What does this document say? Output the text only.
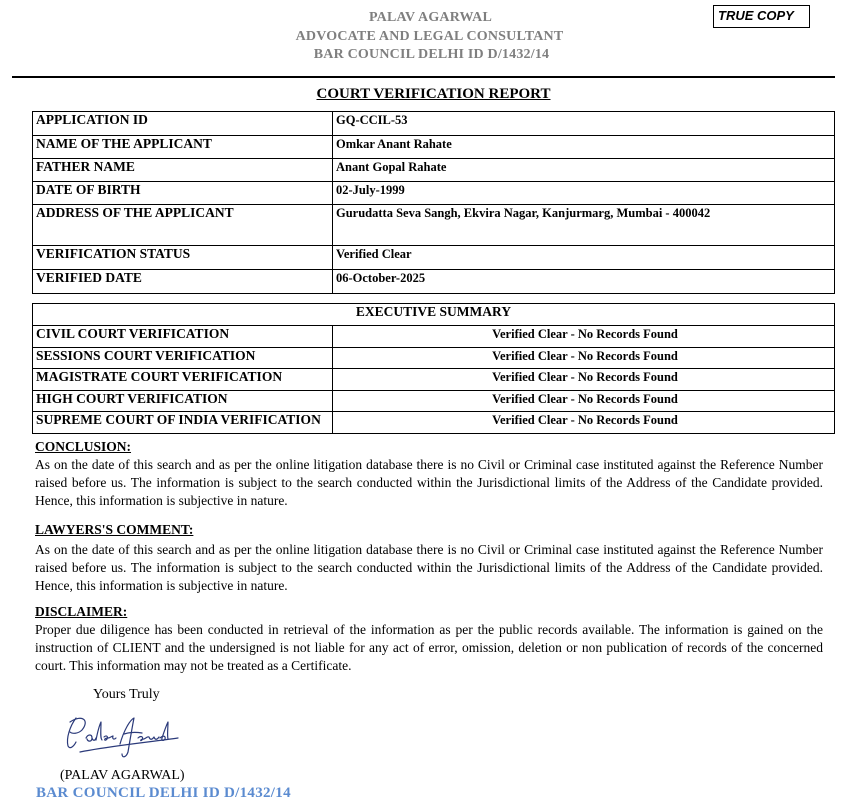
PALAV AGARWAL
ADVOCATE AND LEGAL CONSULTANT
BAR COUNCIL DELHI ID D/1432/14
TRUE COPY
COURT VERIFICATION REPORT
APPLICATION ID	GQ-CCIL-53
NAME OF THE APPLICANT	Omkar Anant Rahate
FATHER NAME	Anant Gopal Rahate
DATE OF BIRTH	02-July-1999
ADDRESS OF THE APPLICANT	Gurudatta Seva Sangh, Ekvira Nagar, Kanjurmarg, Mumbai - 400042
VERIFICATION STATUS	Verified Clear
VERIFIED DATE	06-October-2025
EXECUTIVE SUMMARY	
CIVIL COURT VERIFICATION	Verified Clear - No Records Found
SESSIONS COURT VERIFICATION	Verified Clear - No Records Found
MAGISTRATE COURT VERIFICATION	Verified Clear - No Records Found
HIGH COURT VERIFICATION	Verified Clear - No Records Found
SUPREME COURT OF INDIA VERIFICATION	Verified Clear - No Records Found
CONCLUSION:

As on the date of this search and as per the online litigation database there is no Civil or Criminal case instituted against the Reference Number raised before us. The information is subject to the search conducted within the Jurisdictional limits of the Address of the Candidate provided. Hence, this information is subjective in nature.

LAWYERS'S COMMENT:

As on the date of this search and as per the online litigation database there is no Civil or Criminal case instituted against the Reference Number raised before us. The information is subject to the search conducted within the Jurisdictional limits of the Address of the Candidate provided. Hence, this information is subjective in nature.

DISCLAIMER:

Proper due diligence has been conducted in retrieval of the information as per the public records available. The information is gained on the instruction of CLIENT and the undersigned is not liable for any act of error, omission, deletion or non publication of records of the concerned court. This information may not be treated as a Certificate.

Yours Truly
(PALAV AGARWAL)
BAR COUNCIL DELHI ID D/1432/14
